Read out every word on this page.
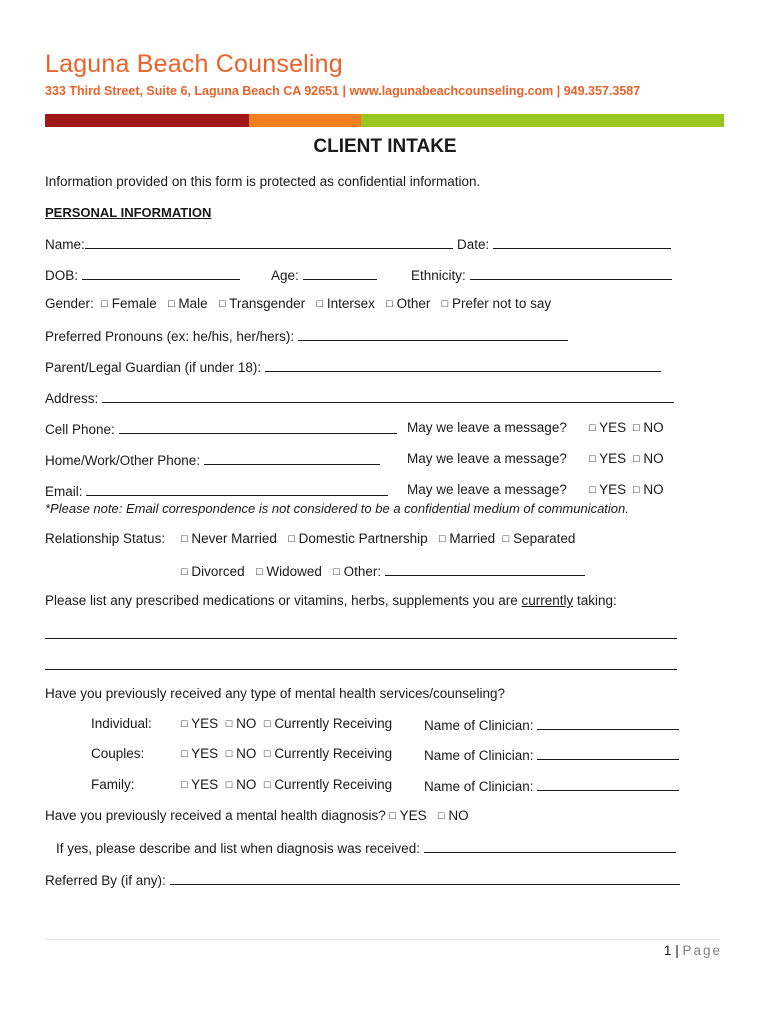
Laguna Beach Counseling
333 Third Street, Suite 6, Laguna Beach CA 92651 | www.lagunabeachcounseling.com | 949.357.3587
CLIENT INTAKE
Information provided on this form is protected as confidential information.
PERSONAL INFORMATION
Name:	Date:
DOB:	Age:	Ethnicity:
Gender: □ Female □ Male □ Transgender □ Intersex □ Other □ Prefer not to say
Preferred Pronouns (ex: he/his, her/hers):
Parent/Legal Guardian (if under 18):
Address:
Cell Phone:	May we leave a message? □ YES □ NO
Home/Work/Other Phone:	May we leave a message? □ YES □ NO
Email:	May we leave a message? □ YES □ NO
*Please note: Email correspondence is not considered to be a confidential medium of communication.
Relationship Status: □ Never Married □ Domestic Partnership □ Married □ Separated
□ Divorced □ Widowed □ Other:
Please list any prescribed medications or vitamins, herbs, supplements you are currently taking:
Have you previously received any type of mental health services/counseling?
Individual:	□ YES □ NO □ Currently Receiving Name of Clinician:
Couples:	□ YES □ NO □ Currently Receiving Name of Clinician:
Family:	□ YES □ NO □ Currently Receiving Name of Clinician:
Have you previously received a mental health diagnosis? □ YES □ NO
If yes, please describe and list when diagnosis was received:
Referred By (if any):
1 | Page
